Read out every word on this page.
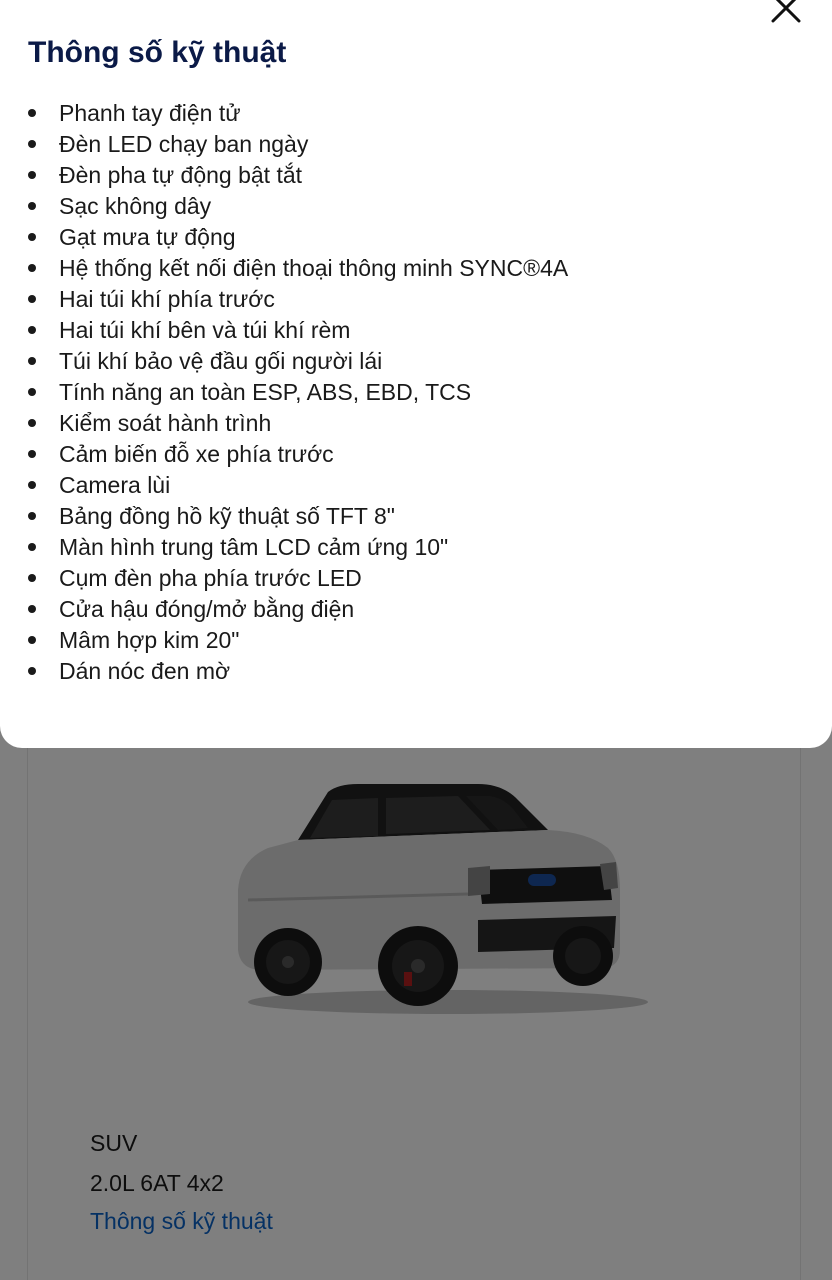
Thông số kỹ thuật
Phanh tay điện tử
Đèn LED chạy ban ngày
Đèn pha tự động bật tắt
Sạc không dây
Gạt mưa tự động
Hệ thống kết nối điện thoại thông minh SYNC®4A
Hai túi khí phía trước
Hai túi khí bên và túi khí rèm
Túi khí bảo vệ đầu gối người lái
Tính năng an toàn ESP, ABS, EBD, TCS
Kiểm soát hành trình
Cảm biến đỗ xe phía trước
Camera lùi
Bảng đồng hồ kỹ thuật số TFT 8"
Màn hình trung tâm LCD cảm ứng 10"
Cụm đèn pha phía trước LED
Cửa hậu đóng/mở bằng điện
Mâm hợp kim 20"
Dán nóc đen mờ
